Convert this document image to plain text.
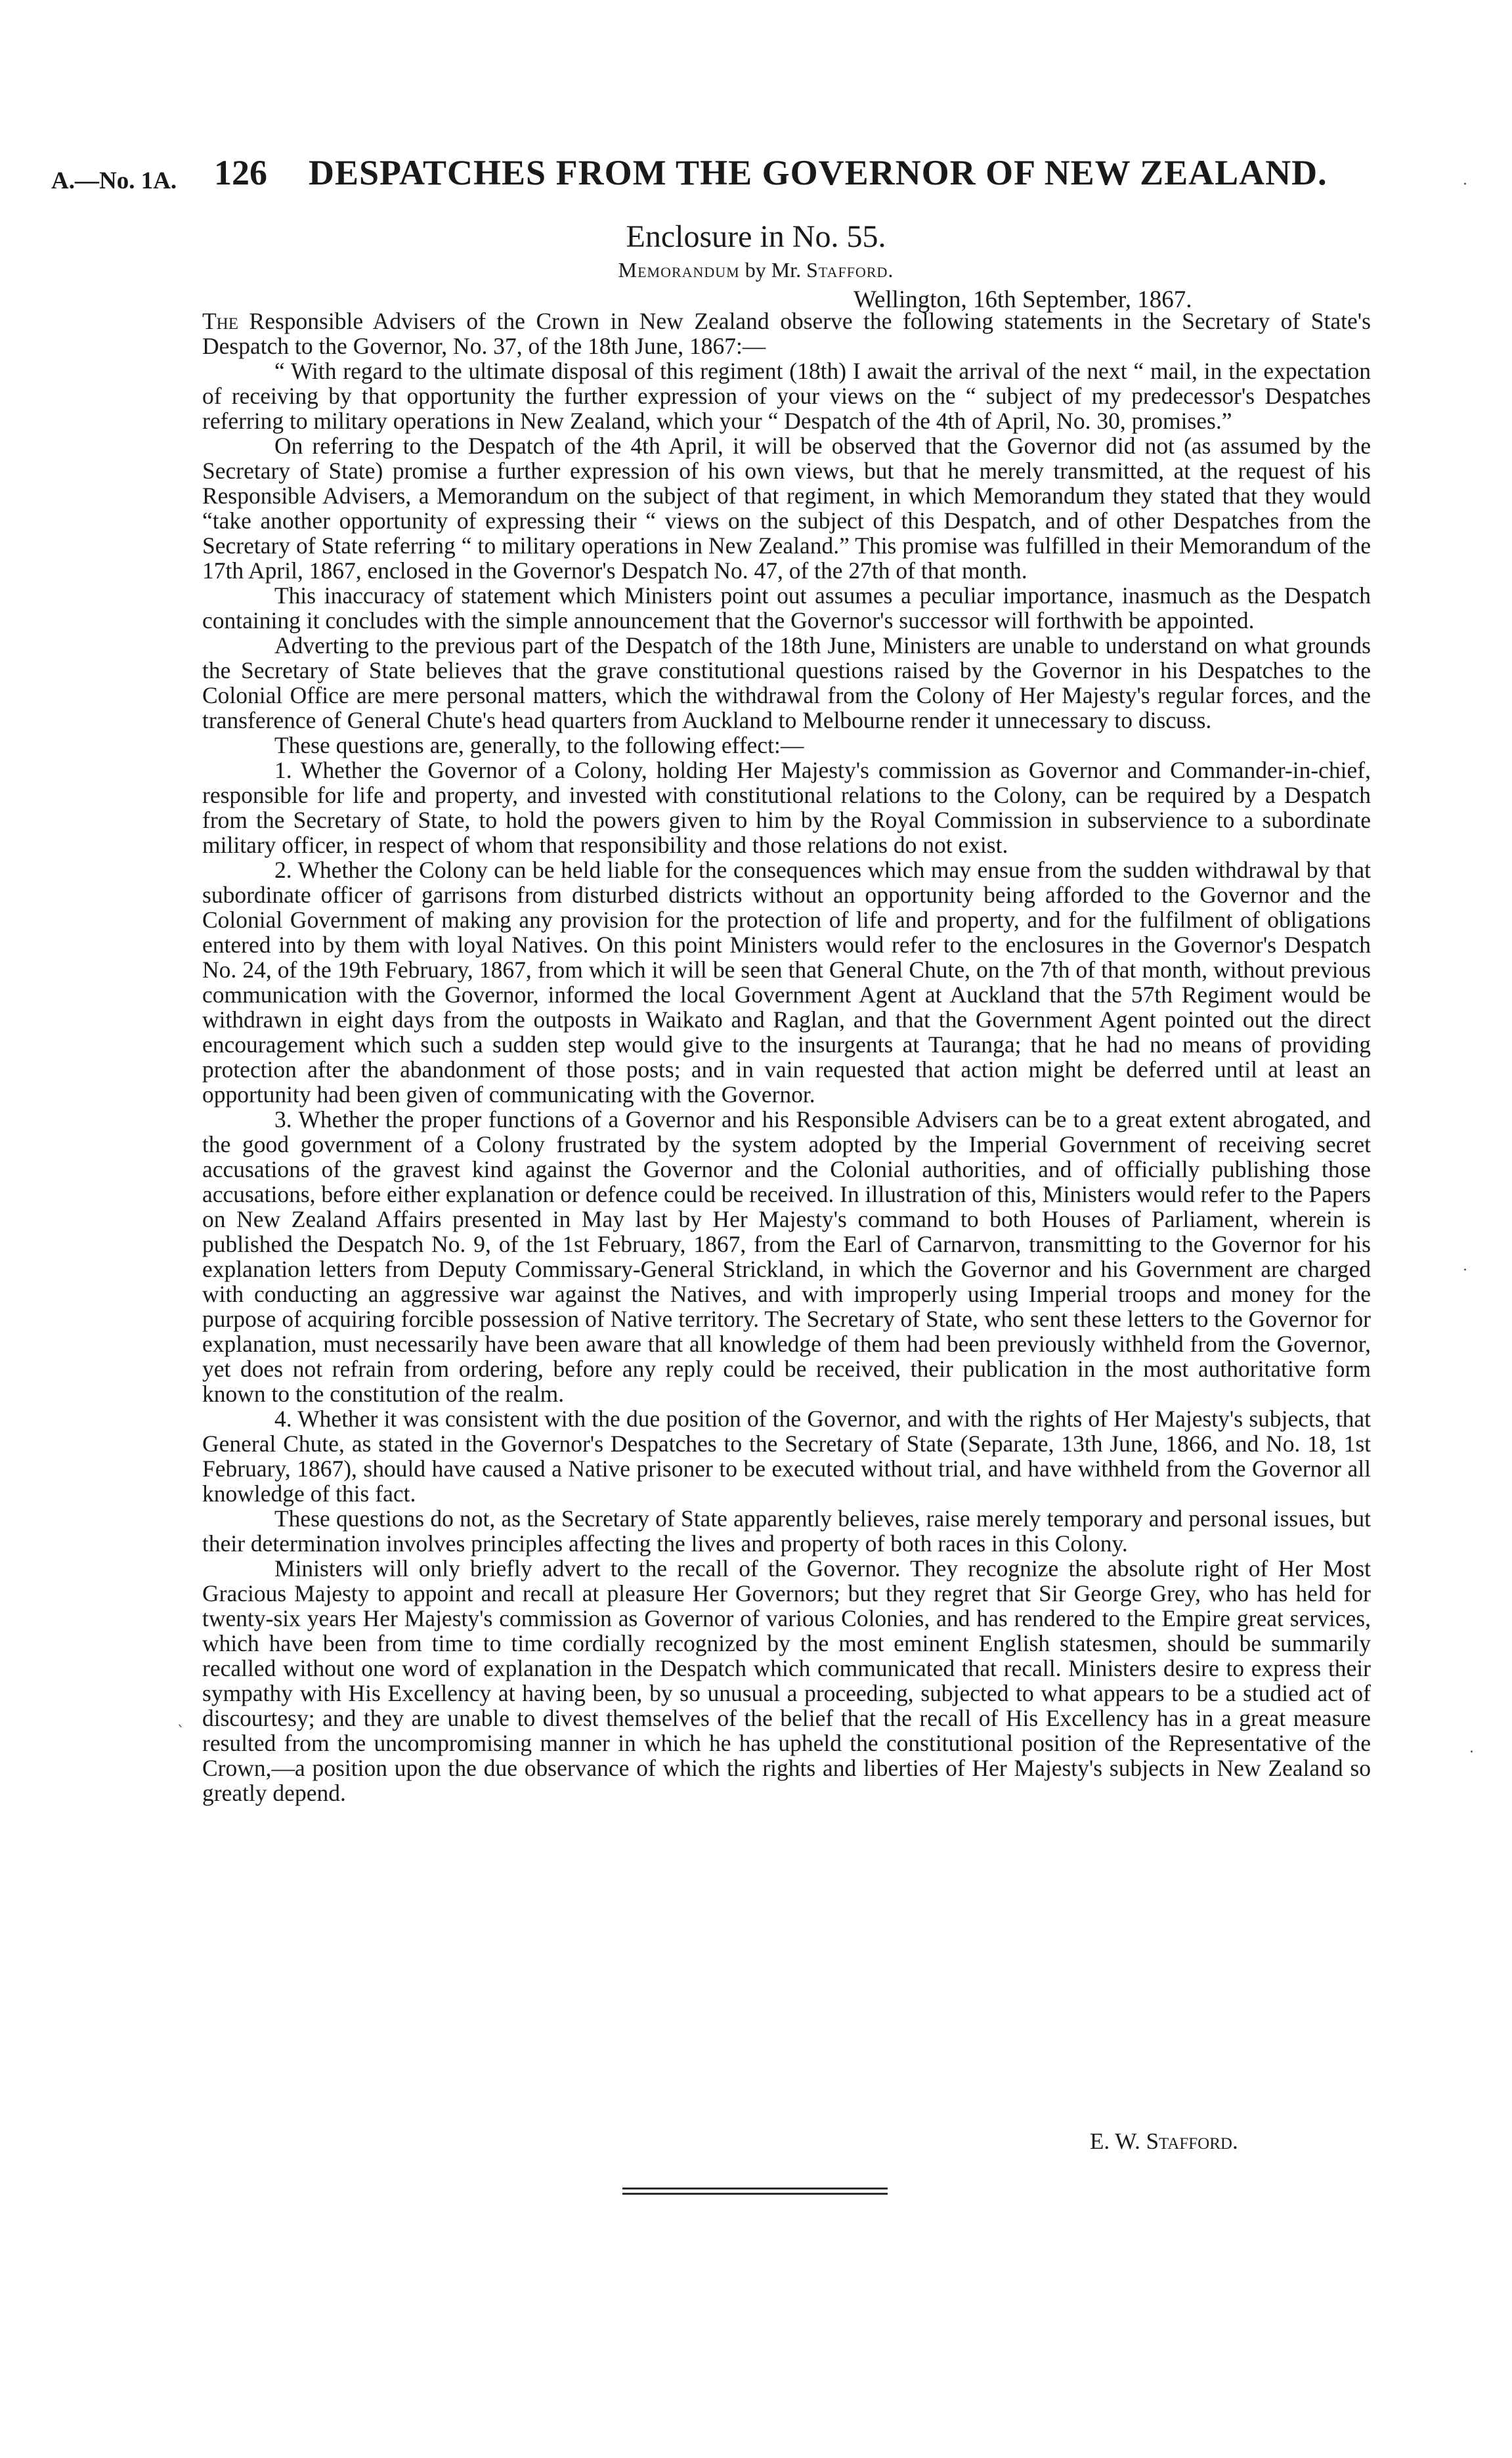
A.—No. 1A. 126 DESPATCHES FROM THE GOVERNOR OF NEW ZEALAND.
Enclosure in No. 55.
Memorandum by Mr. Stafford.
Wellington, 16th September, 1867.

The Responsible Advisers of the Crown in New Zealand observe the following statements in the Secretary of State's Despatch to the Governor, No. 37, of the 18th June, 1867:—

“ With regard to the ultimate disposal of this regiment (18th) I await the arrival of the next “ mail, in the expectation of receiving by that opportunity the further expression of your views on the “ subject of my predecessor's Despatches referring to military operations in New Zealand, which your “ Despatch of the 4th of April, No. 30, promises.”

On referring to the Despatch of the 4th April, it will be observed that the Governor did not (as assumed by the Secretary of State) promise a further expression of his own views, but that he merely transmitted, at the request of his Responsible Advisers, a Memorandum on the subject of that regiment, in which Memorandum they stated that they would “take another opportunity of expressing their “ views on the subject of this Despatch, and of other Despatches from the Secretary of State referring “ to military operations in New Zealand.” This promise was fulfilled in their Memorandum of the 17th April, 1867, enclosed in the Governor's Despatch No. 47, of the 27th of that month.

This inaccuracy of statement which Ministers point out assumes a peculiar importance, inasmuch as the Despatch containing it concludes with the simple announcement that the Governor's successor will forthwith be appointed.

Adverting to the previous part of the Despatch of the 18th June, Ministers are unable to understand on what grounds the Secretary of State believes that the grave constitutional questions raised by the Governor in his Despatches to the Colonial Office are mere personal matters, which the withdrawal from the Colony of Her Majesty's regular forces, and the transference of General Chute's head quarters from Auckland to Melbourne render it unnecessary to discuss.

These questions are, generally, to the following effect:—

1. Whether the Governor of a Colony, holding Her Majesty's commission as Governor and Commander-in-chief, responsible for life and property, and invested with constitutional relations to the Colony, can be required by a Despatch from the Secretary of State, to hold the powers given to him by the Royal Commission in subservience to a subordinate military officer, in respect of whom that responsibility and those relations do not exist.

2. Whether the Colony can be held liable for the consequences which may ensue from the sudden withdrawal by that subordinate officer of garrisons from disturbed districts without an opportunity being afforded to the Governor and the Colonial Government of making any provision for the protection of life and property, and for the fulfilment of obligations entered into by them with loyal Natives. On this point Ministers would refer to the enclosures in the Governor's Despatch No. 24, of the 19th February, 1867, from which it will be seen that General Chute, on the 7th of that month, without previous communication with the Governor, informed the local Government Agent at Auckland that the 57th Regiment would be withdrawn in eight days from the outposts in Waikato and Raglan, and that the Government Agent pointed out the direct encouragement which such a sudden step would give to the insurgents at Tauranga; that he had no means of providing protection after the abandonment of those posts; and in vain requested that action might be deferred until at least an opportunity had been given of communicating with the Governor.

3. Whether the proper functions of a Governor and his Responsible Advisers can be to a great extent abrogated, and the good government of a Colony frustrated by the system adopted by the Imperial Government of receiving secret accusations of the gravest kind against the Governor and the Colonial authorities, and of officially publishing those accusations, before either explanation or defence could be received. In illustration of this, Ministers would refer to the Papers on New Zealand Affairs presented in May last by Her Majesty's command to both Houses of Parliament, wherein is published the Despatch No. 9, of the 1st February, 1867, from the Earl of Carnarvon, transmitting to the Governor for his explanation letters from Deputy Commissary-General Strickland, in which the Governor and his Government are charged with conducting an aggressive war against the Natives, and with improperly using Imperial troops and money for the purpose of acquiring forcible possession of Native territory. The Secretary of State, who sent these letters to the Governor for explanation, must necessarily have been aware that all knowledge of them had been previously withheld from the Governor, yet does not refrain from ordering, before any reply could be received, their publication in the most authoritative form known to the constitution of the realm.

4. Whether it was consistent with the due position of the Governor, and with the rights of Her Majesty's subjects, that General Chute, as stated in the Governor's Despatches to the Secretary of State (Separate, 13th June, 1866, and No. 18, 1st February, 1867), should have caused a Native prisoner to be executed without trial, and have withheld from the Governor all knowledge of this fact.

These questions do not, as the Secretary of State apparently believes, raise merely temporary and personal issues, but their determination involves principles affecting the lives and property of both races in this Colony.

Ministers will only briefly advert to the recall of the Governor. They recognize the absolute right of Her Most Gracious Majesty to appoint and recall at pleasure Her Governors; but they regret that Sir George Grey, who has held for twenty-six years Her Majesty's commission as Governor of various Colonies, and has rendered to the Empire great services, which have been from time to time cordially recognized by the most eminent English statesmen, should be summarily recalled without one word of explanation in the Despatch which communicated that recall. Ministers desire to express their sympathy with His Excellency at having been, by so unusual a proceeding, subjected to what appears to be a studied act of discourtesy; and they are unable to divest themselves of the belief that the recall of His Excellency has in a great measure resulted from the uncompromising manner in which he has upheld the constitutional position of the Representative of the Crown,—a position upon the due observance of which the rights and liberties of Her Majesty's subjects in New Zealand so greatly depend.

E. W. Stafford.
.
.
.
`
